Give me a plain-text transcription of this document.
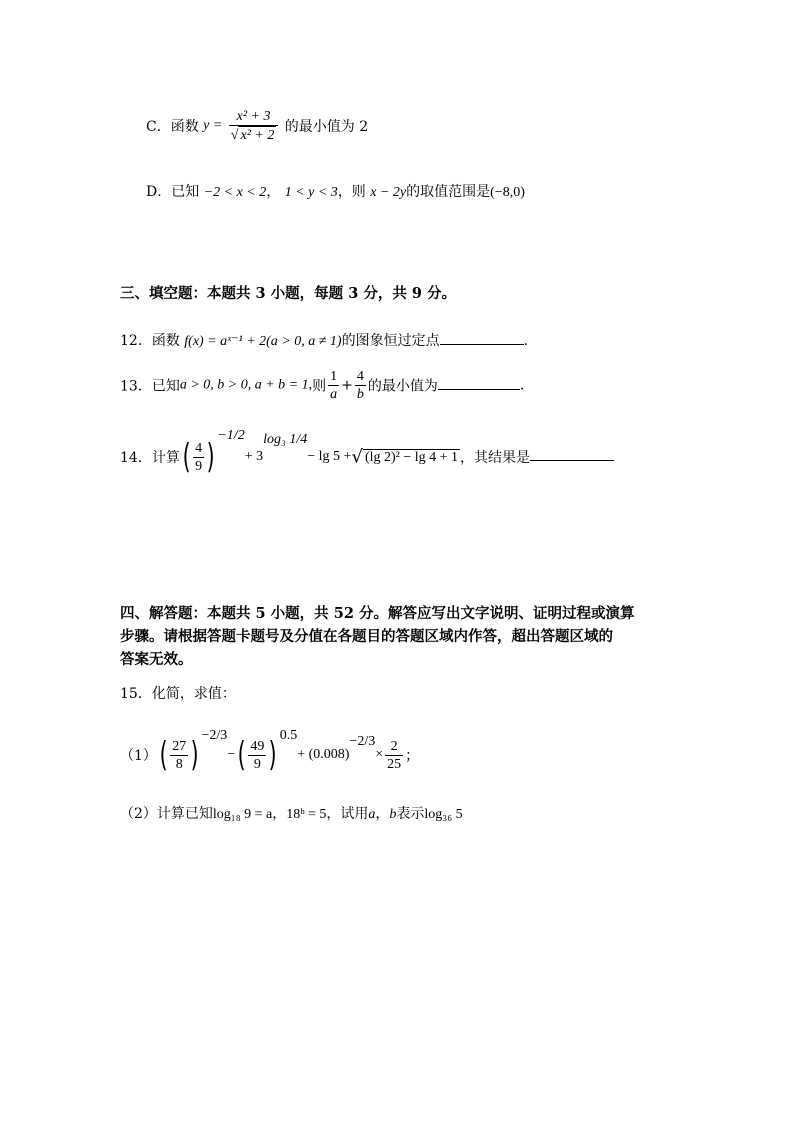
C．函数 $y = \frac{\text{x² + 3}}{\text{√ x² + 2}}$ 的最小值为 2
D．已知 −2 < x < 2， 1 < y < 3，则 x − 2y的取值范围是(−8,0)
三、填空题：本题共 3 小题，每题 3 分，共 9 分。
12．函数 f(x) = aˣ⁻¹ + 2(a > 0, a ≠ 1)的图象恒过定点	.
13．已知a > 0, b > 0, a + b = 1,则 $\frac{1}{a} + \frac{4}{b}$ 的最小值为	.
14．计算( $\frac{4}{9} )^{-1/2}+ 3^{log_3 1/4}- \lg 5$ +√ (lg 2)² − lg 4 + 1 ，其结果是
四、解答题：本题共 5 小题，共 52 分。解答应写出文字说明、证明过程或演算
步骤。请根据答题卡题号及分值在各题目的答题区域内作答，超出答题区域的
答案无效。
15．化简，求值：
$(1)( \frac{27}{8}$ ) $^{-2/3}-( \frac{49}{9}$ ) $^{0.5}+ (0.008)^{-2/3}\times \frac{2}{25}$ ；
（2）计算已知log₁₈ 9 = a，18ᵇ = 5，试用a，b表示log₃₆ 5
